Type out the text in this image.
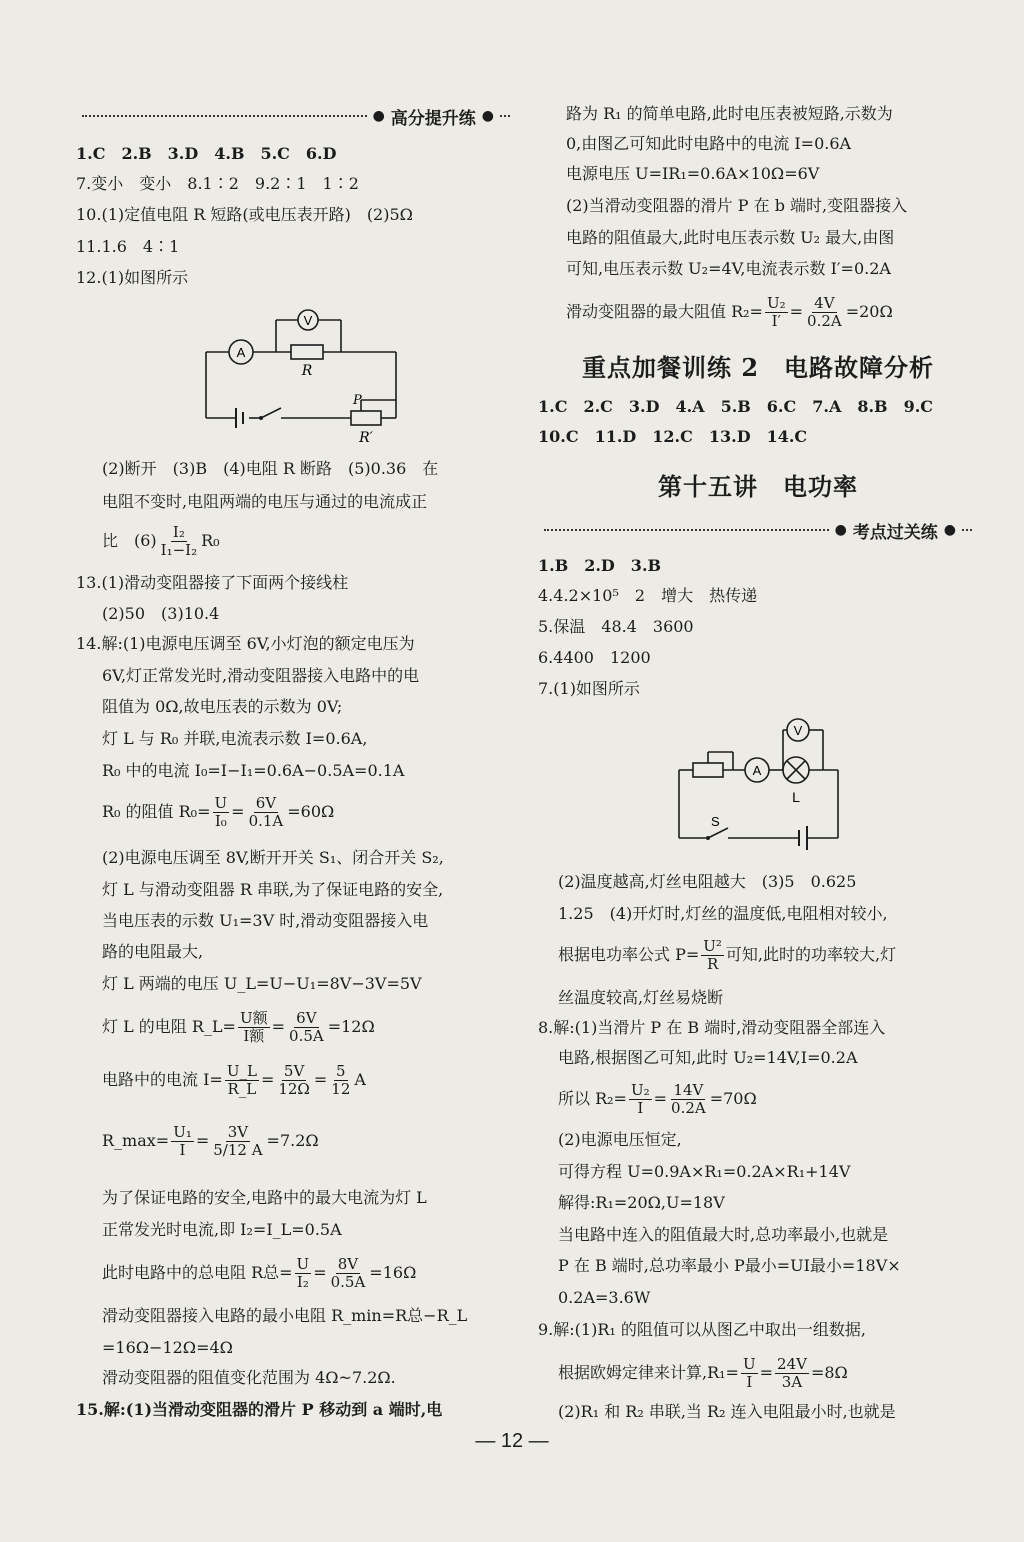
● 高分提升练 ●
1.C　2.B　3.D　4.B　5.C　6.D
7.变小　变小　8.1∶2　9.2∶1　1∶2
10.(1)定值电阻 R 短路(或电压表开路)　(2)5Ω
11.1.6　4∶1
12.(1)如图所示
A
V
R
P
R′
(2)断开　(3)B　(4)电阻 R 断路　(5)0.36　在
电阻不变时,电阻两端的电压与通过的电流成正
比　$(6) \frac{\text{I₂}}{\text{I₁−I₂}} R_0$
13.(1)滑动变阻器接了下面两个接线柱
(2)50　(3)10.4
14.解:(1)电源电压调至 6V,小灯泡的额定电压为
6V,灯正常发光时,滑动变阻器接入电路中的电
阻值为 0Ω,故电压表的示数为 0V;
灯 L 与 R₀ 并联,电流表示数 I=0.6A,
R₀ 中的电流 I₀=I−I₁=0.6A−0.5A=0.1A
R₀ 的阻值 $R_0= \frac{U}{\text{I₀}} = \frac{6V}{0.1A} =60\Omega$
(2)电源电压调至 8V,断开开关 S₁、闭合开关 S₂,
灯 L 与滑动变阻器 R 串联,为了保证电路的安全,
当电压表的示数 U₁=3V 时,滑动变阻器接入电
路的电阻最大,
灯 L 两端的电压 U_L=U−U₁=8V−3V=5V
灯 L 的电阻 R_L= $\frac{\text{U额}}{\text{I额}} = \frac{6V}{0.5A} =12\Omega$
电路中的电流 $I= \frac{U\_L}{R\_L} = \frac{5V}{12\Omega} = \frac{5}{12}$ A
R_max= $\frac{\text{U₁}}{I} = \frac{3V}{5/12 A} =7.2\Omega$
为了保证电路的安全,电路中的最大电流为灯 L
正常发光时电流,即 I₂=I_L=0.5A
此时电路中的总电阻 R总= $\frac{U}{\text{I₂}} = \frac{8V}{0.5A} =16\Omega$
滑动变阻器接入电路的最小电阻 R_min=R总−R_L
=16Ω−12Ω=4Ω
滑动变阻器的阻值变化范围为 4Ω~7.2Ω.
15.解:(1)当滑动变阻器的滑片 P 移动到 a 端时,电
路为 R₁ 的简单电路,此时电压表被短路,示数为
0,由图乙可知此时电路中的电流 I=0.6A
电源电压 U=IR₁=0.6A×10Ω=6V
(2)当滑动变阻器的滑片 P 在 b 端时,变阻器接入
电路的阻值最大,此时电压表示数 U₂ 最大,由图
可知,电压表示数 U₂=4V,电流表示数 I′=0.2A
滑动变阻器的最大阻值 $R_2= \frac{\text{U₂}}{I'} = \frac{4V}{0.2A} =20\Omega$
重点加餐训练 2　电路故障分析
1.C　2.C　3.D　4.A　5.B　6.C　7.A　8.B　9.C
10.C　11.D　12.C　13.D　14.C
第十五讲　电功率
● 考点过关练 ●
1.B　2.D　3.B
4.4.2×10⁵　2　增大　热传递
5.保温　48.4　3600
6.4400　1200
7.(1)如图所示
A
V
L
S
(2)温度越高,灯丝电阻越大　(3)5　0.625
1.25　(4)开灯时,灯丝的温度低,电阻相对较小,
根据电功率公式 $P= \frac{\text{U²}}{R}$ 可知,此时的功率较大,灯
丝温度较高,灯丝易烧断
8.解:(1)当滑片 P 在 B 端时,滑动变阻器全部连入
电路,根据图乙可知,此时 U₂=14V,I=0.2A
所以 $R_2= \frac{\text{U₂}}{I} = \frac{14V}{0.2A} =70\Omega$
(2)电源电压恒定,
可得方程 U=0.9A×R₁=0.2A×R₁+14V
解得:R₁=20Ω,U=18V
当电路中连入的阻值最大时,总功率最小,也就是
P 在 B 端时,总功率最小 P最小=UI最小=18V×
0.2A=3.6W
9.解:(1)R₁ 的阻值可以从图乙中取出一组数据,
根据欧姆定律来计算$,R_1= \frac{U}{I} = \frac{24V}{3A} =8\Omega$
(2)R₁ 和 R₂ 串联,当 R₂ 连入电阻最小时,也就是
— 12 —
